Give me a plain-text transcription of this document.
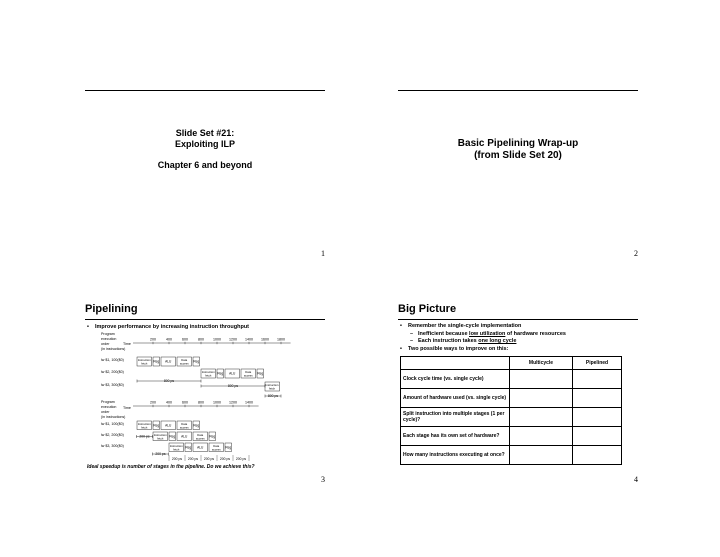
Slide Set #21:
Exploiting ILP
Chapter 6 and beyond
1
Basic Pipelining Wrap-up
(from Slide Set 20)
2
Pipelining
• Improve performance by increasing instruction throughput
Program
execution
order
(in instructions)
Time
Program
execution
order
(in instructions)
Time
200	400	600	800	1000 1200 1400 1600 1800
200	400	600	800	1000 1200 1400
lw $1, 100($0)
lw $2, 200($0)
lw $3, 300($0)
Instruction
fetch Reg ALU	Data
access Reg
Instruction
fetch Reg ALU	Data
access Reg
Instruction
fetch
800 ps
800 ps
800 ps
lw $1, 100($0)	Instruction
fetch Reg ALU	Data
access Reg
lw $2, 200($0)	Instruction
fetch Reg ALU	Data
access Reg
lw $3, 300($0)	Instruction
fetch Reg ALU	Data
access Reg
200 ps
200 ps
200 ps 200 ps 200 ps 200 ps 200 ps
Ideal speedup is number of stages in the pipeline. Do we achieve this?
3
Big Picture
• Remember the single-cycle implementation
– Inefficient because low utilization of hardware resources
– Each instruction takes one long cycle
• Two possible ways to improve on this:
	Multicycle	Pipelined
Clock cycle time (vs. single cycle)		
Amount of hardware used (vs. single cycle)		
Split instruction into multiple stages (1 per cycle)?		
Each stage has its own set of hardware?		
How many instructions executing at once?		
4
